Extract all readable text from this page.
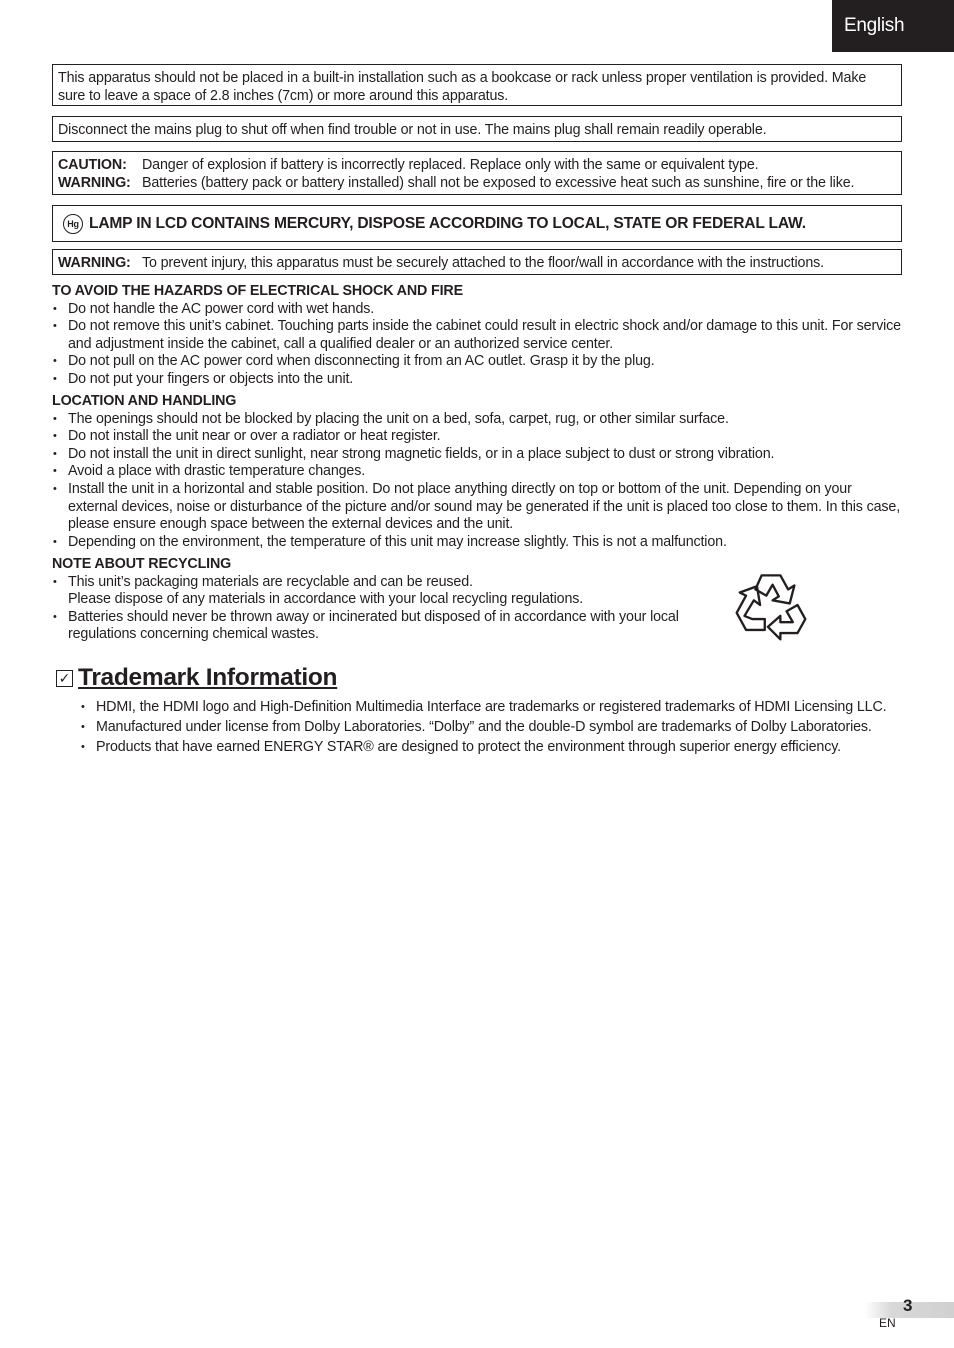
English
This apparatus should not be placed in a built-in installation such as a bookcase or rack unless proper ventilation is provided. Make sure to leave a space of 2.8 inches (7cm) or more around this apparatus.
Disconnect the mains plug to shut off when find trouble or not in use. The mains plug shall remain readily operable.
CAUTION:	Danger of explosion if battery is incorrectly replaced. Replace only with the same or equivalent type.
WARNING: Batteries (battery pack or battery installed) shall not be exposed to excessive heat such as sunshine, fire or the like.
Hg LAMP IN LCD CONTAINS MERCURY, DISPOSE ACCORDING TO LOCAL, STATE OR FEDERAL LAW.
WARNING: To prevent injury, this apparatus must be securely attached to the floor/wall in accordance with the instructions.
TO AVOID THE HAZARDS OF ELECTRICAL SHOCK AND FIRE
• Do not handle the AC power cord with wet hands.
• Do not remove this unit’s cabinet. Touching parts inside the cabinet could result in electric shock and/or damage to this unit. For service and adjustment inside the cabinet, call a qualified dealer or an authorized service center.
• Do not pull on the AC power cord when disconnecting it from an AC outlet. Grasp it by the plug.
• Do not put your fingers or objects into the unit.
LOCATION AND HANDLING
• The openings should not be blocked by placing the unit on a bed, sofa, carpet, rug, or other similar surface.
• Do not install the unit near or over a radiator or heat register.
• Do not install the unit in direct sunlight, near strong magnetic fields, or in a place subject to dust or strong vibration.
• Avoid a place with drastic temperature changes.
• Install the unit in a horizontal and stable position. Do not place anything directly on top or bottom of the unit. Depending on your external devices, noise or disturbance of the picture and/or sound may be generated if the unit is placed too close to them. In this case, please ensure enough space between the external devices and the unit.
• Depending on the environment, the temperature of this unit may increase slightly. This is not a malfunction.
NOTE ABOUT RECYCLING
• This unit’s packaging materials are recyclable and can be reused.
Please dispose of any materials in accordance with your local recycling regulations.
• Batteries should never be thrown away or incinerated but disposed of in accordance with your local regulations concerning chemical wastes.
✓ Trademark Information
• HDMI, the HDMI logo and High-Definition Multimedia Interface are trademarks or registered trademarks of HDMI Licensing LLC.
• Manufactured under license from Dolby Laboratories. “Dolby” and the double-D symbol are trademarks of Dolby Laboratories.
• Products that have earned ENERGY STAR® are designed to protect the environment through superior energy efficiency.
3
EN
